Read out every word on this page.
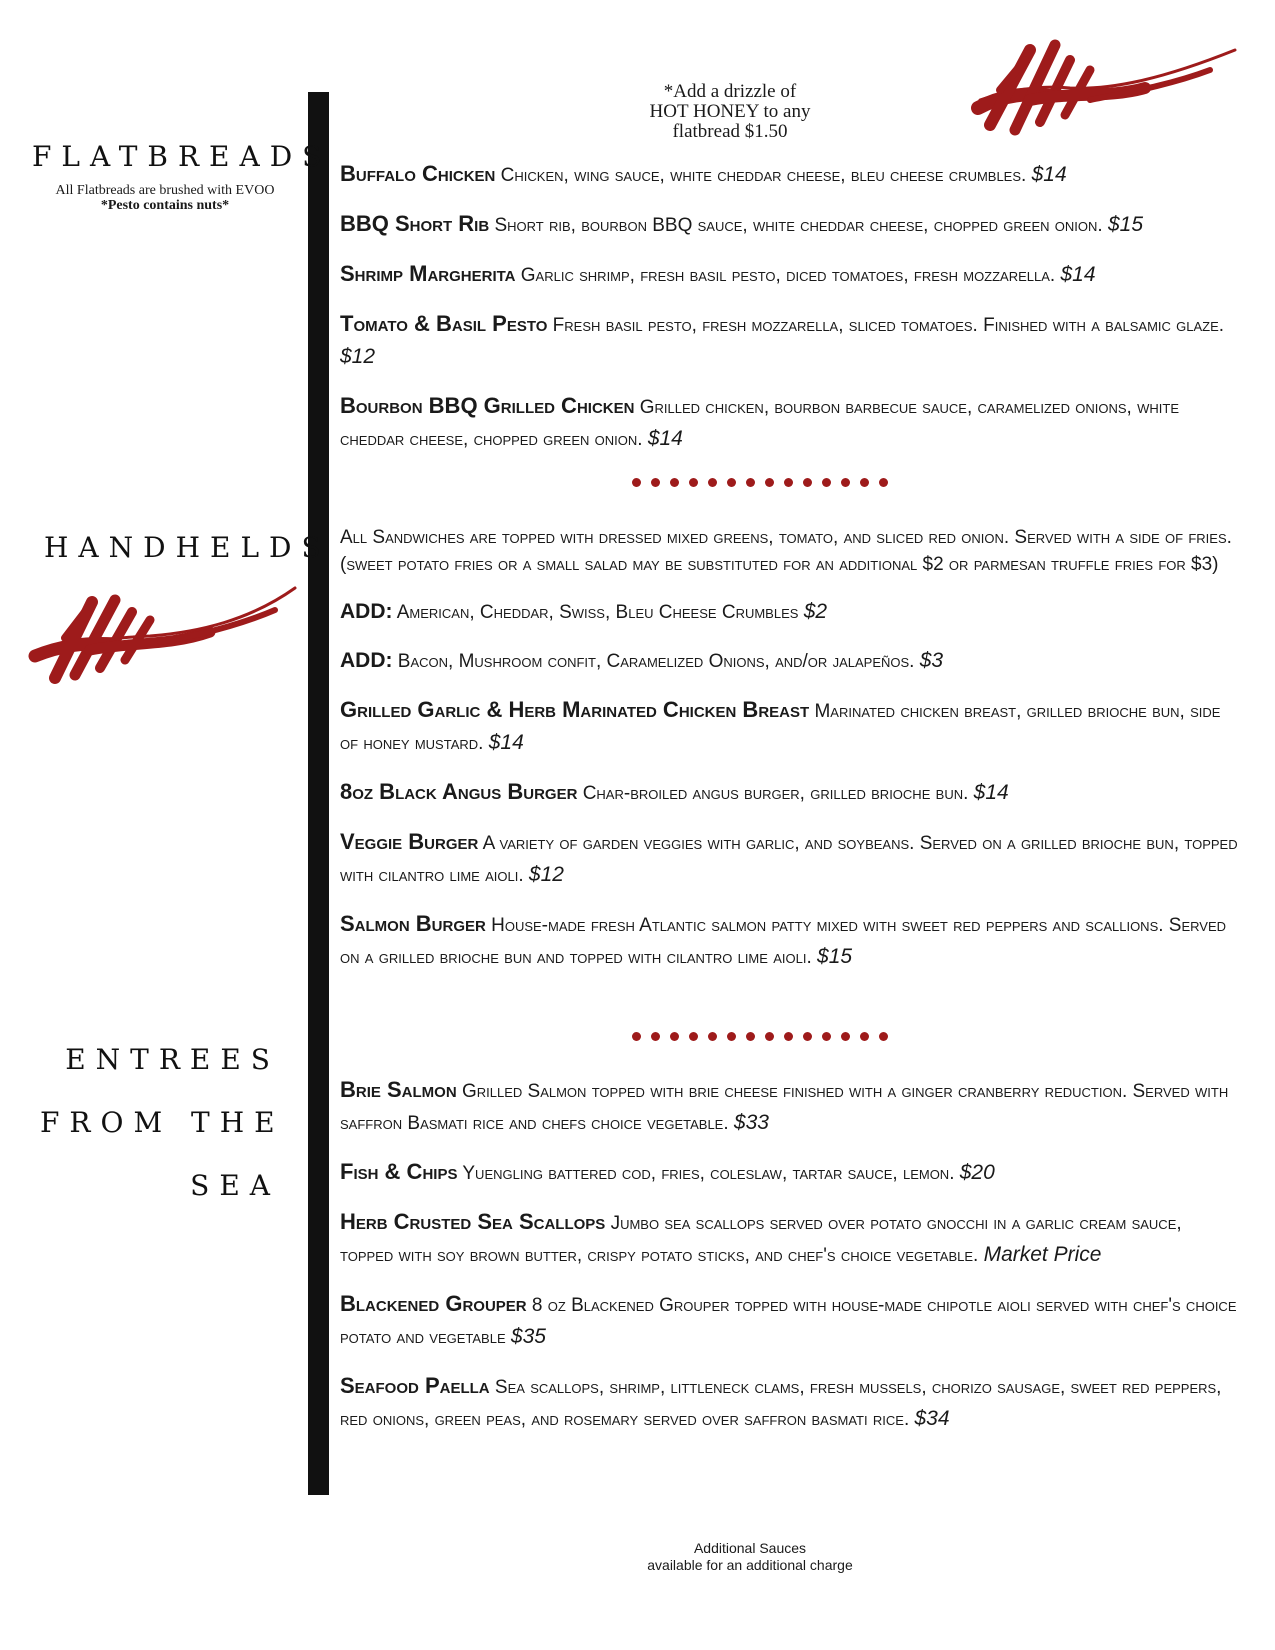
*Add a drizzle of
HOT HONEY to any
flatbread $1.50
FLATBREADS
All Flatbreads are brushed with EVOO
*Pesto contains nuts*
Buffalo Chicken Chicken, wing sauce, white cheddar cheese, bleu cheese crumbles. $14
BBQ Short Rib Short rib, bourbon BBQ sauce, white cheddar cheese, chopped green onion. $15
Shrimp Margherita Garlic shrimp, fresh basil pesto, diced tomatoes, fresh mozzarella. $14
Tomato & Basil Pesto Fresh basil pesto, fresh mozzarella, sliced tomatoes. Finished with a balsamic glaze. $12
Bourbon BBQ Grilled Chicken Grilled chicken, bourbon barbecue sauce, caramelized onions, white cheddar cheese, chopped green onion. $14
HANDHELDS All Sandwiches are topped with dressed mixed greens, tomato, and sliced red onion. Served with a side of fries. (sweet potato fries or a small salad may be substituted for an additional $2 or parmesan truffle fries for $3)
ADD: American, Cheddar, Swiss, Bleu Cheese Crumbles $2
ADD: Bacon, Mushroom confit, Caramelized Onions, and/or jalapeños. $3
Grilled Garlic & Herb Marinated Chicken Breast Marinated chicken breast, grilled brioche bun, side of honey mustard. $14
8oz Black Angus Burger Char-broiled angus burger, grilled brioche bun. $14
Veggie Burger A variety of garden veggies with garlic, and soybeans. Served on a grilled brioche bun, topped with cilantro lime aioli. $12
Salmon Burger House-made fresh Atlantic salmon patty mixed with sweet red peppers and scallions. Served on a grilled brioche bun and topped with cilantro lime aioli. $15
ENTREES
FROM THE
SEA
Brie Salmon Grilled Salmon topped with brie cheese finished with a ginger cranberry reduction. Served with saffron Basmati rice and chefs choice vegetable. $33
Fish & Chips Yuengling battered cod, fries, coleslaw, tartar sauce, lemon. $20
Herb Crusted Sea Scallops Jumbo sea scallops served over potato gnocchi in a garlic cream sauce, topped with soy brown butter, crispy potato sticks, and chef's choice vegetable. Market Price
Blackened Grouper 8 oz Blackened Grouper topped with house-made chipotle aioli served with chef's choice potato and vegetable $35
Seafood Paella Sea scallops, shrimp, littleneck clams, fresh mussels, chorizo sausage, sweet red peppers, red onions, green peas, and rosemary served over saffron basmati rice. $34
Additional Sauces
available for an additional charge
